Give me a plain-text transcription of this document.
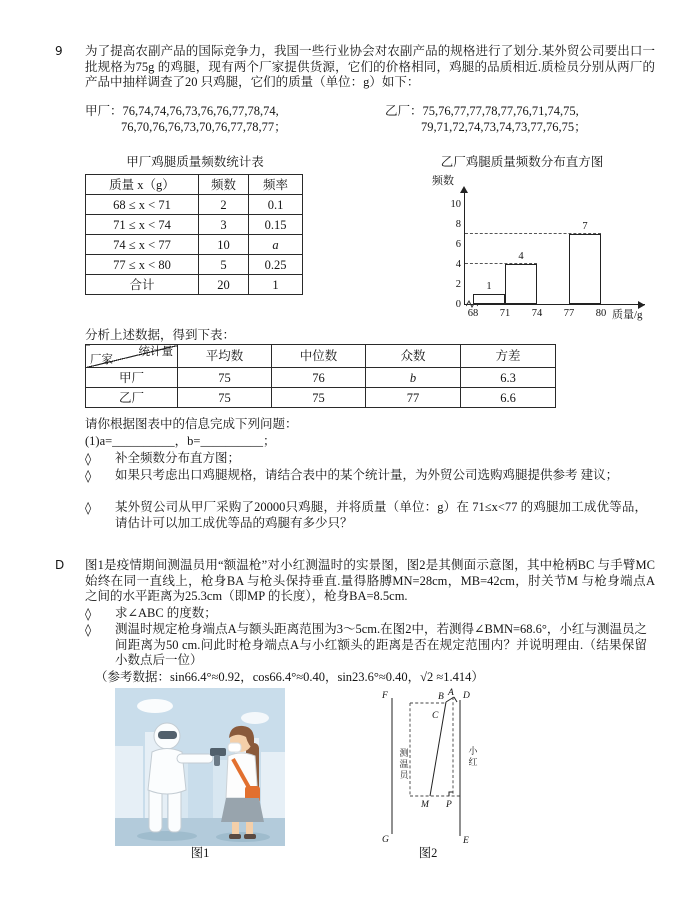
9	为了提高农副产品的国际竞争力，我国一些行业协会对农副产品的规格进行了划分.某外贸公司要出口一批规格为75g 的鸡腿，现有两个厂家提供货源，它们的价格相同，鸡腿的品质相近.质检员分别从两厂的产品中抽样调查了20 只鸡腿，它们的质量（单位：g）如下：
甲厂：76,74,74,76,73,76,76,77,78,74,
76,70,76,76,73,70,76,77,78,77；
乙厂：75,76,77,77,78,77,76,71,74,75,
79,71,72,74,73,74,73,77,76,75；
甲厂鸡腿质量频数统计表	乙厂鸡腿质量频数分布直方图
质量 x（g）	频数	频率
68 ≤ x < 71	2	0.1
71 ≤ x < 74	3	0.15
74 ≤ x < 77	10	a
77 ≤ x < 80	5	0.25
合计	20	1
频数
质量/g
1
4
7
2
4
6
8
10
0
68	71	74	77	80
分析上述数据，得到下表：
厂家
统计量	平均数	中位数	众数	方差
甲厂	75	76	b	6.3
乙厂	75	75	77	6.6
请你根据图表中的信息完成下列问题：
(1)a=__________，b=__________；
◊	补全频数分布直方图；
◊	如果只考虑出口鸡腿规格，请结合表中的某个统计量，为外贸公司选购鸡腿提供参考 建议；
◊	某外贸公司从甲厂采购了20000只鸡腿，并将质量（单位：g）在 71≤x<77 的鸡腿加工成优等品，请估计可以加工成优等品的鸡腿有多少只？
D	图1是疫情期间测温员用“额温枪”对小红测温时的实景图，图2是其侧面示意图，其中枪柄BC 与手臂MC 始终在同一直线上，枪身BA 与枪头保持垂直.量得胳膊MN=28cm，MB=42cm，肘关节M 与枪身端点A 之间的水平距离为25.3cm（即MP 的长度），枪身BA=8.5cm.
◊	求∠ABC 的度数；
◊	测温时规定枪身端点A与额头距离范围为3～5cm.在图2中，若测得∠BMN=68.6°，小红与测温员之间距离为50 cm.问此时枪身端点A与小红额头的距离是否在规定范围内？并说明理由.（结果保留小数点后一位）
（参考数据：sin66.4°≈0.92，cos66.4°≈0.40，sin23.6°≈0.40，√2 ≈1.414）
图1
F
G
D
E
B A
C
M P
测温员	小红
图2
